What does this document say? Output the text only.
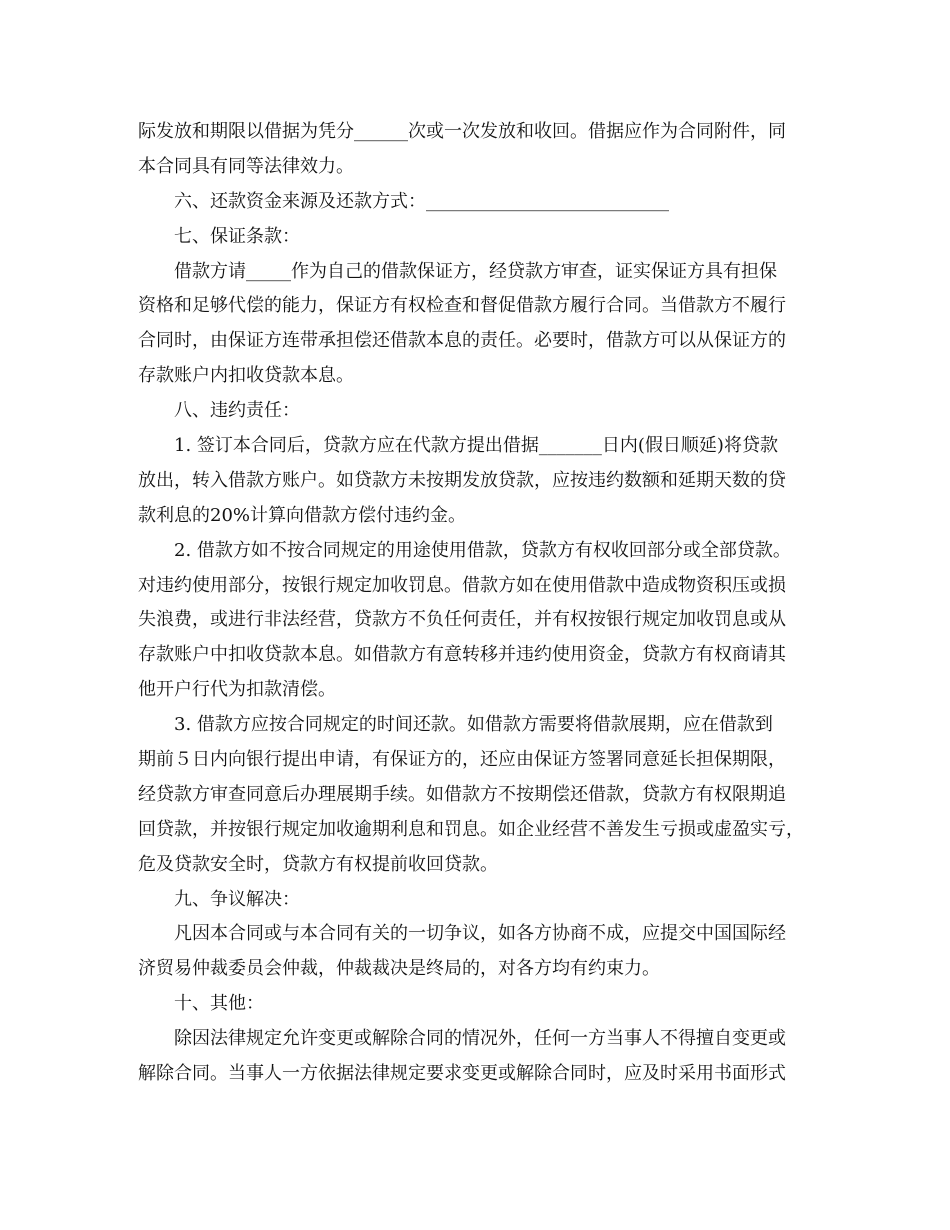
际发放和期限以借据为凭分______次或一次发放和收回。借据应作为合同附件，同
本合同具有同等法律效力。
六、还款资金来源及还款方式：___________________________
七、保证条款：
借款方请_____作为自己的借款保证方，经贷款方审查，证实保证方具有担保
资格和足够代偿的能力，保证方有权检查和督促借款方履行合同。当借款方不履行
合同时，由保证方连带承担偿还借款本息的责任。必要时，借款方可以从保证方的
存款账户内扣收贷款本息。
八、违约责任：
1. 签订本合同后，贷款方应在代款方提出借据_______日内(假日顺延)将贷款
放出，转入借款方账户。如贷款方未按期发放贷款，应按违约数额和延期天数的贷
款利息的20%计算向借款方偿付违约金。
2. 借款方如不按合同规定的用途使用借款，贷款方有权收回部分或全部贷款。
对违约使用部分，按银行规定加收罚息。借款方如在使用借款中造成物资积压或损
失浪费，或进行非法经营，贷款方不负任何责任，并有权按银行规定加收罚息或从
存款账户中扣收贷款本息。如借款方有意转移并违约使用资金，贷款方有权商请其
他开户行代为扣款清偿。
3. 借款方应按合同规定的时间还款。如借款方需要将借款展期，应在借款到
期前５日内向银行提出申请，有保证方的，还应由保证方签署同意延长担保期限，
经贷款方审查同意后办理展期手续。如借款方不按期偿还借款，贷款方有权限期追
回贷款，并按银行规定加收逾期利息和罚息。如企业经营不善发生亏损或虚盈实亏，
危及贷款安全时，贷款方有权提前收回贷款。
九、争议解决：
凡因本合同或与本合同有关的一切争议，如各方协商不成，应提交中国国际经
济贸易仲裁委员会仲裁，仲裁裁决是终局的，对各方均有约束力。
十、其他：
除因法律规定允许变更或解除合同的情况外，任何一方当事人不得擅自变更或
解除合同。当事人一方依据法律规定要求变更或解除合同时，应及时采用书面形式
